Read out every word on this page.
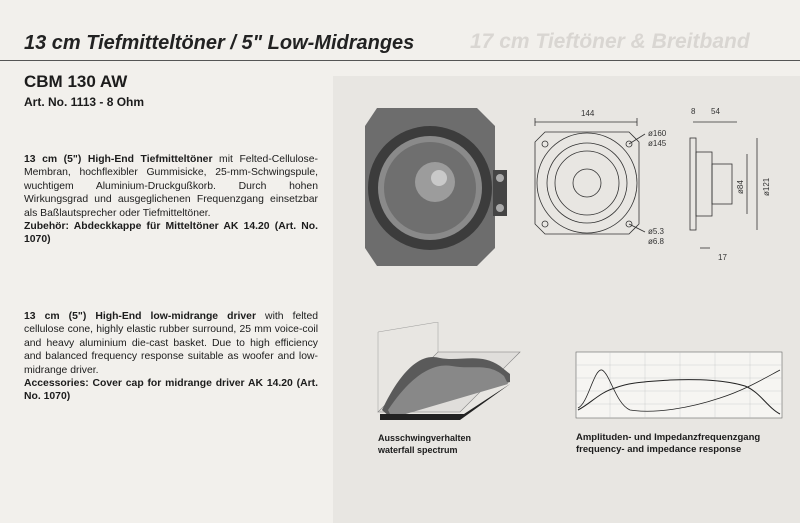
17 cm Tieftöner & Breitband
13 cm Tiefmitteltöner / 5" Low-Midranges
CBM 130 AW
Art. No. 1113 - 8 Ohm
13 cm (5") High-End Tiefmitteltöner mit Felted-Cellulose-Membran, hochflexibler Gummisicke, 25-mm-Schwingspule, wuchtigem Aluminium-Druckgußkorb. Durch hohen Wirkungsgrad und ausgeglichenen Frequenzgang einsetzbar als Baßlautsprecher oder Tiefmitteltöner.
Zubehör: Abdeckkappe für Mitteltöner AK 14.20 (Art. No. 1070)
13 cm (5") High-End low-midrange driver with felted cellulose cone, highly elastic rubber surround, 25 mm voice-coil and heavy aluminium die-cast basket. Due to high efficiency and balanced frequency response suitable as woofer and low-midrange driver.
Accessories: Cover cap for midrange driver AK 14.20 (Art. No. 1070)
144	8 54
ø160
ø145
ø5.3
ø6.8
ø84 ø121
17
Ausschwingverhalten
waterfall spectrum
Amplituden- und Impedanzfrequenzgang
frequency- and impedance response
